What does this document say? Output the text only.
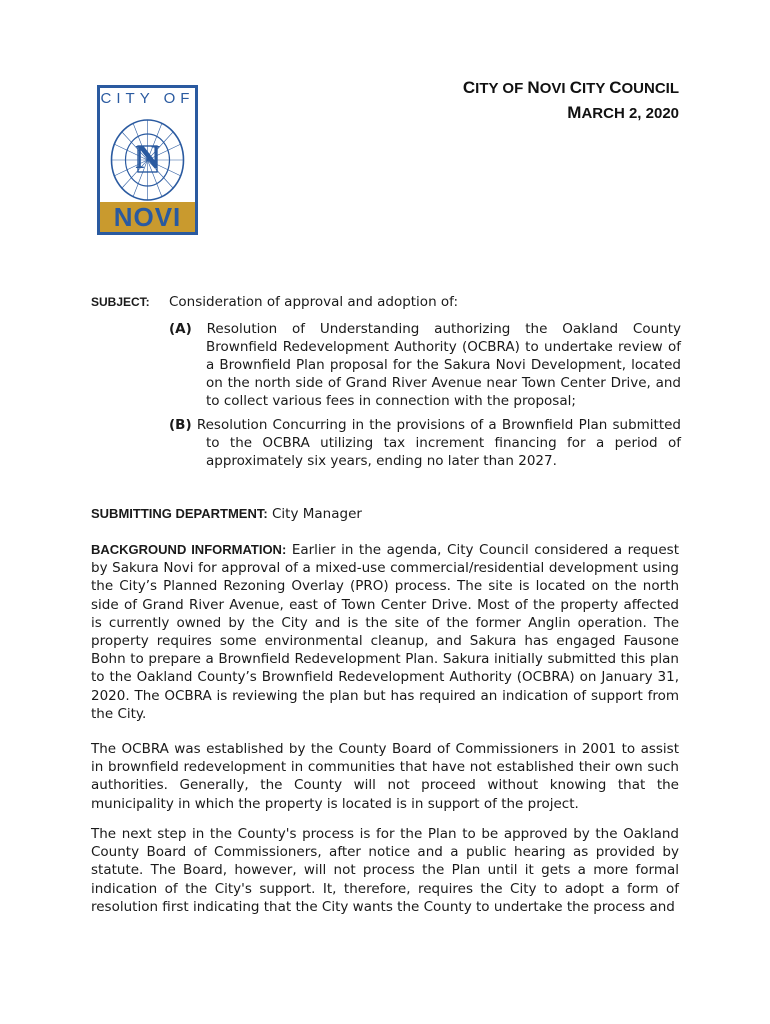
CITY OF
N
NOVI
CITY OF NOVI CITY COUNCIL
MARCH 2, 2020
SUBJECT: Consideration of approval and adoption of:
(A) Resolution of Understanding authorizing the Oakland County Brownfield Redevelopment Authority (OCBRA) to undertake review of a Brownfield Plan proposal for the Sakura Novi Development, located on the north side of Grand River Avenue near Town Center Drive, and to collect various fees in connection with the proposal;
(B) Resolution Concurring in the provisions of a Brownfield Plan submitted to the OCBRA utilizing tax increment financing for a period of approximately six years, ending no later than 2027.
SUBMITTING DEPARTMENT: City Manager
BACKGROUND INFORMATION: Earlier in the agenda, City Council considered a request by Sakura Novi for approval of a mixed-use commercial/residential development using the City’s Planned Rezoning Overlay (PRO) process. The site is located on the north side of Grand River Avenue, east of Town Center Drive. Most of the property affected is currently owned by the City and is the site of the former Anglin operation. The property requires some environmental cleanup, and Sakura has engaged Fausone Bohn to prepare a Brownfield Redevelopment Plan. Sakura initially submitted this plan to the Oakland County’s Brownfield Redevelopment Authority (OCBRA) on January 31, 2020. The OCBRA is reviewing the plan but has required an indication of support from the City.
The OCBRA was established by the County Board of Commissioners in 2001 to assist in brownfield redevelopment in communities that have not established their own such authorities. Generally, the County will not proceed without knowing that the municipality in which the property is located is in support of the project.
The next step in the County's process is for the Plan to be approved by the Oakland County Board of Commissioners, after notice and a public hearing as provided by statute. The Board, however, will not process the Plan until it gets a more formal indication of the City's support. It, therefore, requires the City to adopt a form of resolution first indicating that the City wants the County to undertake the process and
